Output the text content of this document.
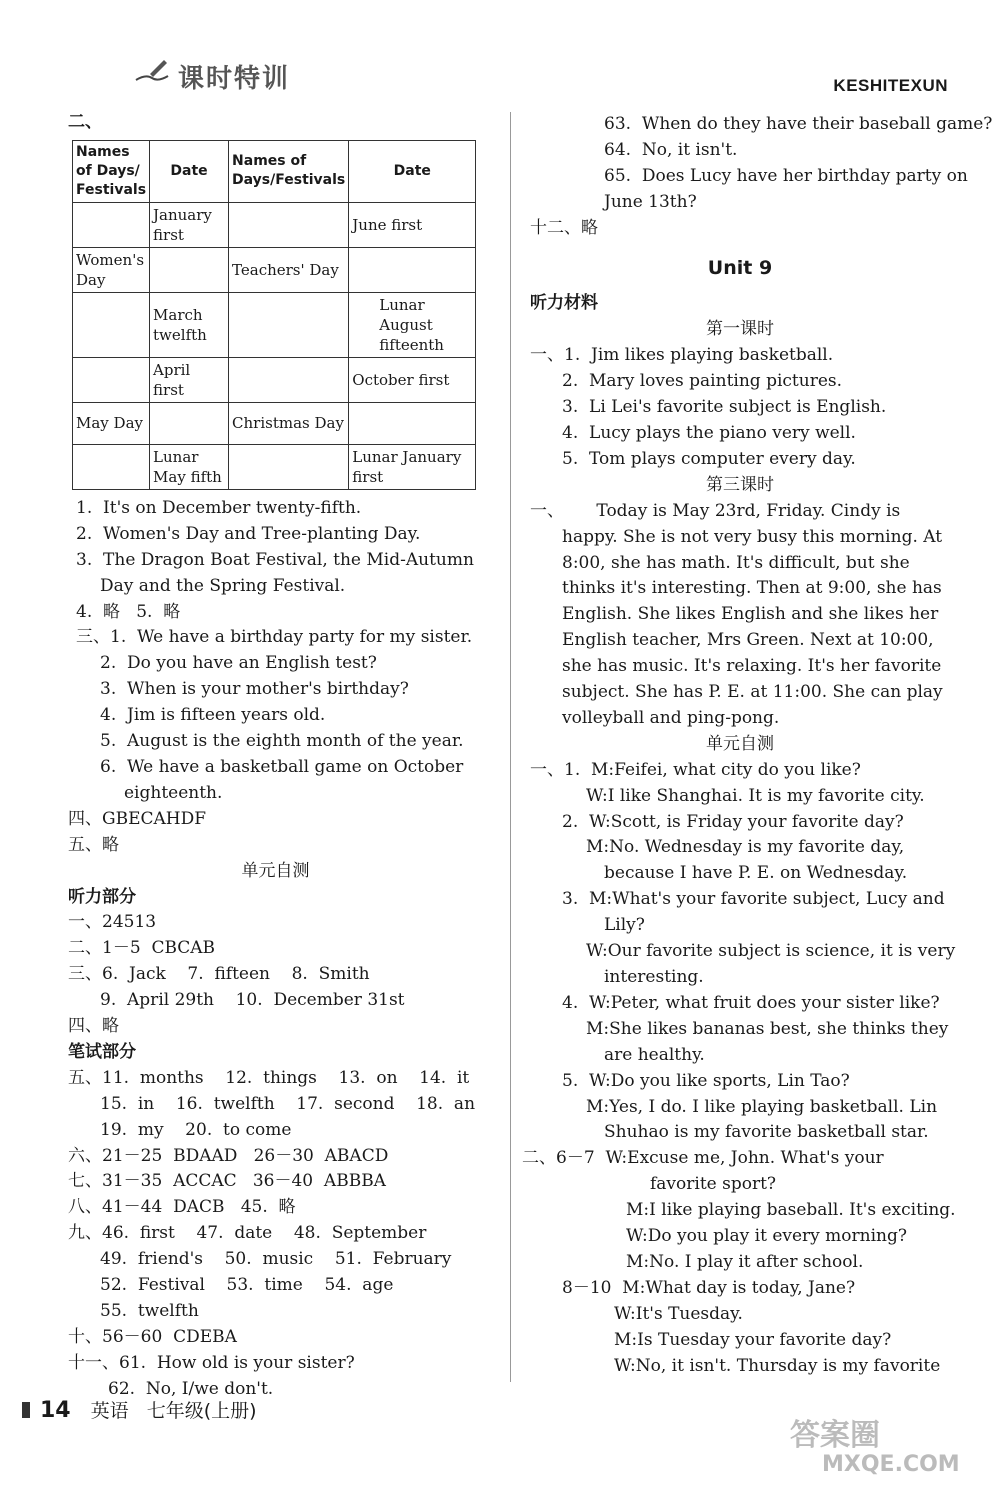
课时特训	KESHITEXUN
二、
Names of Days/ Festivals	Date	Names of Days/Festivals	Date
	January first		June first
Women's Day		Teachers' Day	
	March twelfth		Lunar August fifteenth
	April first		October first
May Day		Christmas Day	
	Lunar May fifth		Lunar January first
1.  It's on December twenty-fifth.
2.  Women's Day and Tree-planting Day.
3.  The Dragon Boat Festival, the Mid-Autumn
Day and the Spring Festival.
4.  略   5.  略
三、1.  We have a birthday party for my sister.
2.  Do you have an English test?
3.  When is your mother's birthday?
4.  Jim is fifteen years old.
5.  August is the eighth month of the year.
6.  We have a basketball game on October
eighteenth.
四、GBECAHDF
五、略
单元自测
听力部分
一、24513
二、1－5  CBCAB
三、6.  Jack    7.  fifteen    8.  Smith
9.  April 29th    10.  December 31st
四、略
笔试部分
五、11.  months    12.  things    13.  on    14.  it
15.  in    16.  twelfth    17.  second    18.  an
19.  my    20.  to come
六、21－25  BDAAD   26－30  ABACD
七、31－35  ACCAC   36－40  ABBBA
八、41－44  DACB   45.  略
九、46.  first    47.  date    48.  September
49.  friend's    50.  music    51.  February
52.  Festival    53.  time    54.  age
55.  twelfth
十、56－60  CDEBA
十一、61.  How old is your sister?
62.  No, I/we don't.
63.  When do they have their baseball game?
64.  No, it isn't.
65.  Does Lucy have her birthday party on
June 13th?
十二、略
Unit 9
听力材料
第一课时
一、1.  Jim likes playing basketball.
2.  Mary loves painting pictures.
3.  Li Lei's favorite subject is English.
4.  Lucy plays the piano very well.
5.  Tom plays computer every day.
第三课时
一、      Today is May 23rd, Friday. Cindy is
happy. She is not very busy this morning. At
8:00, she has math. It's difficult, but she
thinks it's interesting. Then at 9:00, she has
English. She likes English and she likes her
English teacher, Mrs Green. Next at 10:00,
she has music. It's relaxing. It's her favorite
subject. She has P. E. at 11:00. She can play
volleyball and ping-pong.
单元自测
一、1.  M:Feifei, what city do you like?
W:I like Shanghai. It is my favorite city.
2.  W:Scott, is Friday your favorite day?
M:No. Wednesday is my favorite day,
because I have P. E. on Wednesday.
3.  M:What's your favorite subject, Lucy and
Lily?
W:Our favorite subject is science, it is very
interesting.
4.  W:Peter, what fruit does your sister like?
M:She likes bananas best, she thinks they
are healthy.
5.  W:Do you like sports, Lin Tao?
M:Yes, I do. I like playing basketball. Lin
Shuhao is my favorite basketball star.
二、6－7  W:Excuse me, John. What's your
favorite sport?
M:I like playing baseball. It's exciting.
W:Do you play it every morning?
M:No. I play it after school.
8－10  M:What day is today, Jane?
W:It's Tuesday.
M:Is Tuesday your favorite day?
W:No, it isn't. Thursday is my favorite
14 英语 七年级(上册)
答案圈
MXQE.COM
